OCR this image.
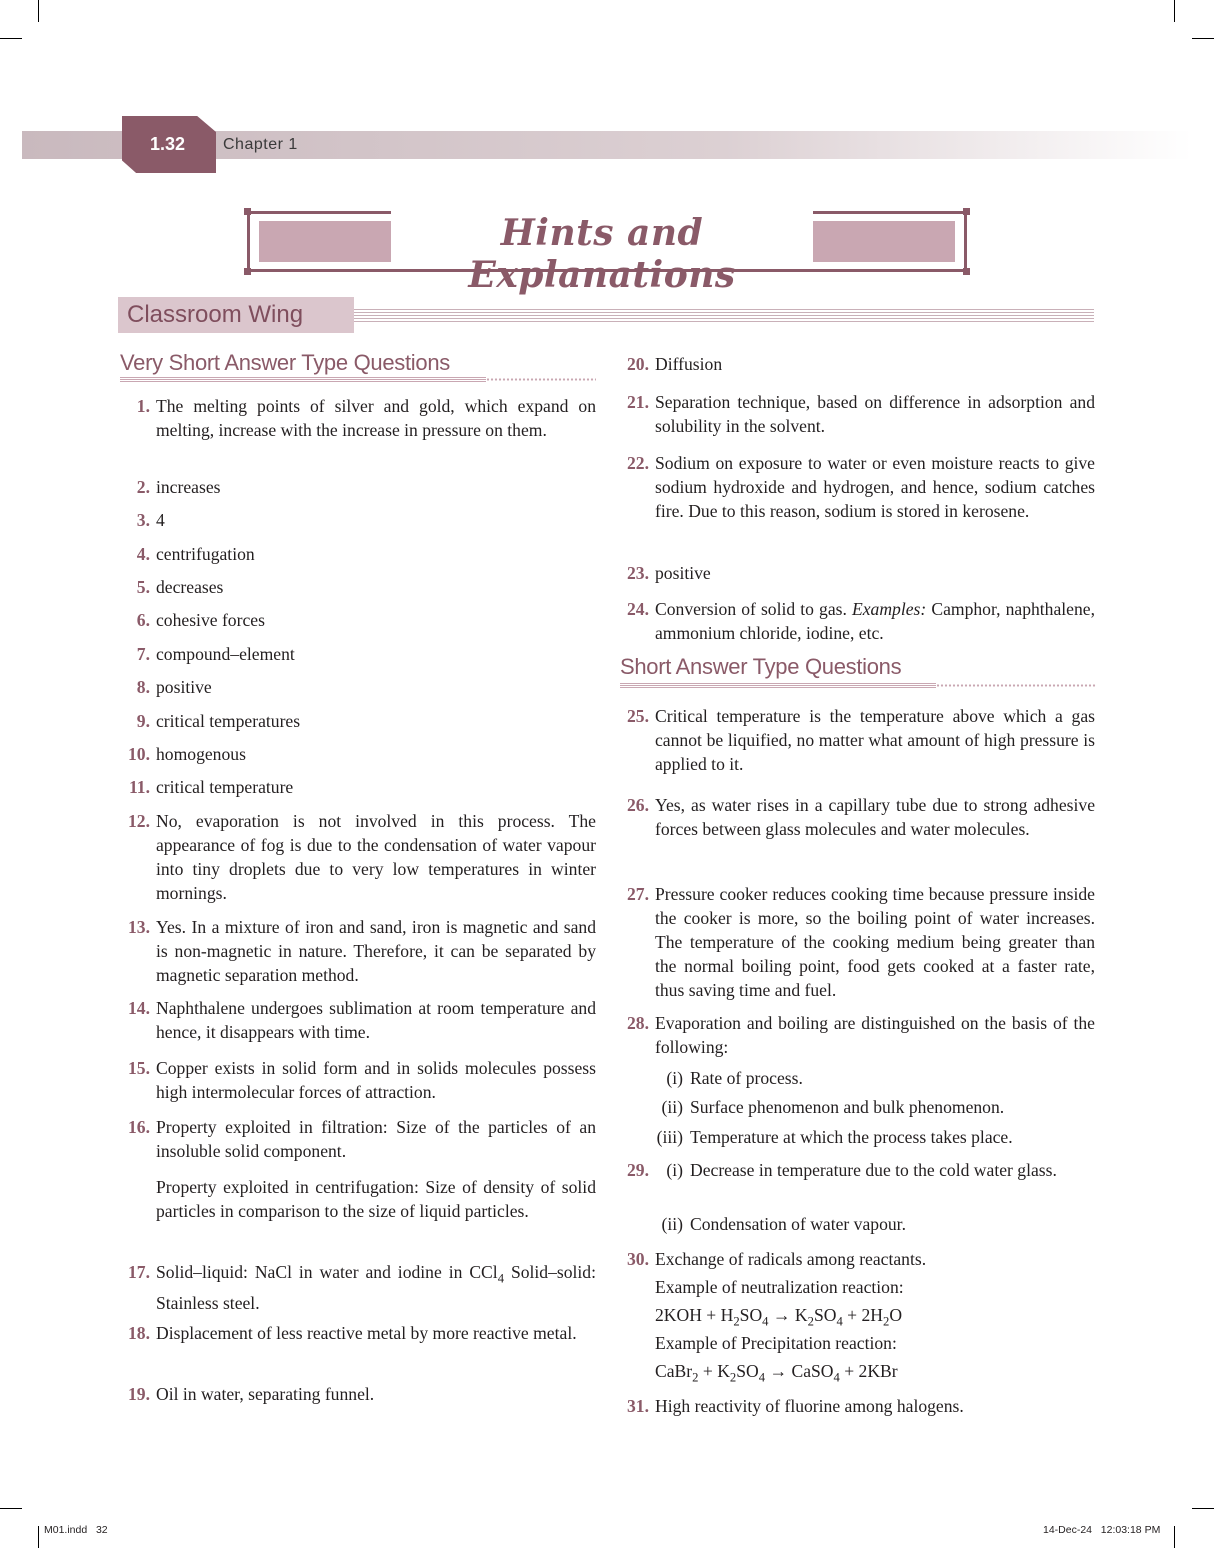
1.32 Chapter 1
Hints and Explanations
Classroom Wing
Very Short Answer Type Questions
1. The melting points of silver and gold, which expand on melting, increase with the increase in pressure on them.
2. increases
3. 4
4. centrifugation
5. decreases
6. cohesive forces
7. compound–element
8. positive
9. critical temperatures
10. homogenous
11. critical temperature
12. No, evaporation is not involved in this process. The appearance of fog is due to the condensation of water vapour into tiny droplets due to very low temperatures in winter mornings.
13. Yes. In a mixture of iron and sand, iron is magnetic and sand is non-magnetic in nature. Therefore, it can be separated by magnetic separation method.
14. Naphthalene undergoes sublimation at room temperature and hence, it disappears with time.
15. Copper exists in solid form and in solids molecules possess high intermolecular forces of attraction.
16. Property exploited in filtration: Size of the particles of an insoluble solid component.
Property exploited in centrifugation: Size of density of solid particles in comparison to the size of liquid particles.
17. Solid–liquid: NaCl in water and iodine in CCl$_4$ Solid–solid: Stainless steel.
18. Displacement of less reactive metal by more reactive metal.
19. Oil in water, separating funnel.
20. Diffusion
21. Separation technique, based on difference in adsorption and solubility in the solvent.
22. Sodium on exposure to water or even moisture reacts to give sodium hydroxide and hydrogen, and hence, sodium catches fire. Due to this reason, sodium is stored in kerosene.
23. positive
24. Conversion of solid to gas. Examples: Camphor, naphthalene, ammonium chloride, iodine, etc.
Short Answer Type Questions
25. Critical temperature is the temperature above which a gas cannot be liquified, no matter what amount of high pressure is applied to it.
26. Yes, as water rises in a capillary tube due to strong adhesive forces between glass molecules and water molecules.
27. Pressure cooker reduces cooking time because pressure inside the cooker is more, so the boiling point of water increases. The temperature of the cooking medium being greater than the normal boiling point, food gets cooked at a faster rate, thus saving time and fuel.
28. Evaporation and boiling are distinguished on the basis of the following:
(i) Rate of process.
(ii) Surface phenomenon and bulk phenomenon.
(iii) Temperature at which the process takes place.
29. (i) Decrease in temperature due to the cold water glass.
(ii) Condensation of water vapour.
30. Exchange of radicals among reactants.
Example of neutralization reaction:
$2KOH + H_2SO_4 \to K_2SO_4 + 2H_2O$
Example of Precipitation reaction:
CaBr$_2$ + $K_2SO_4$ → CaSO$_4$ + 2KBr
31. High reactivity of fluorine among halogens.
M01.indd   32	14-Dec-24   12:03:18 PM
